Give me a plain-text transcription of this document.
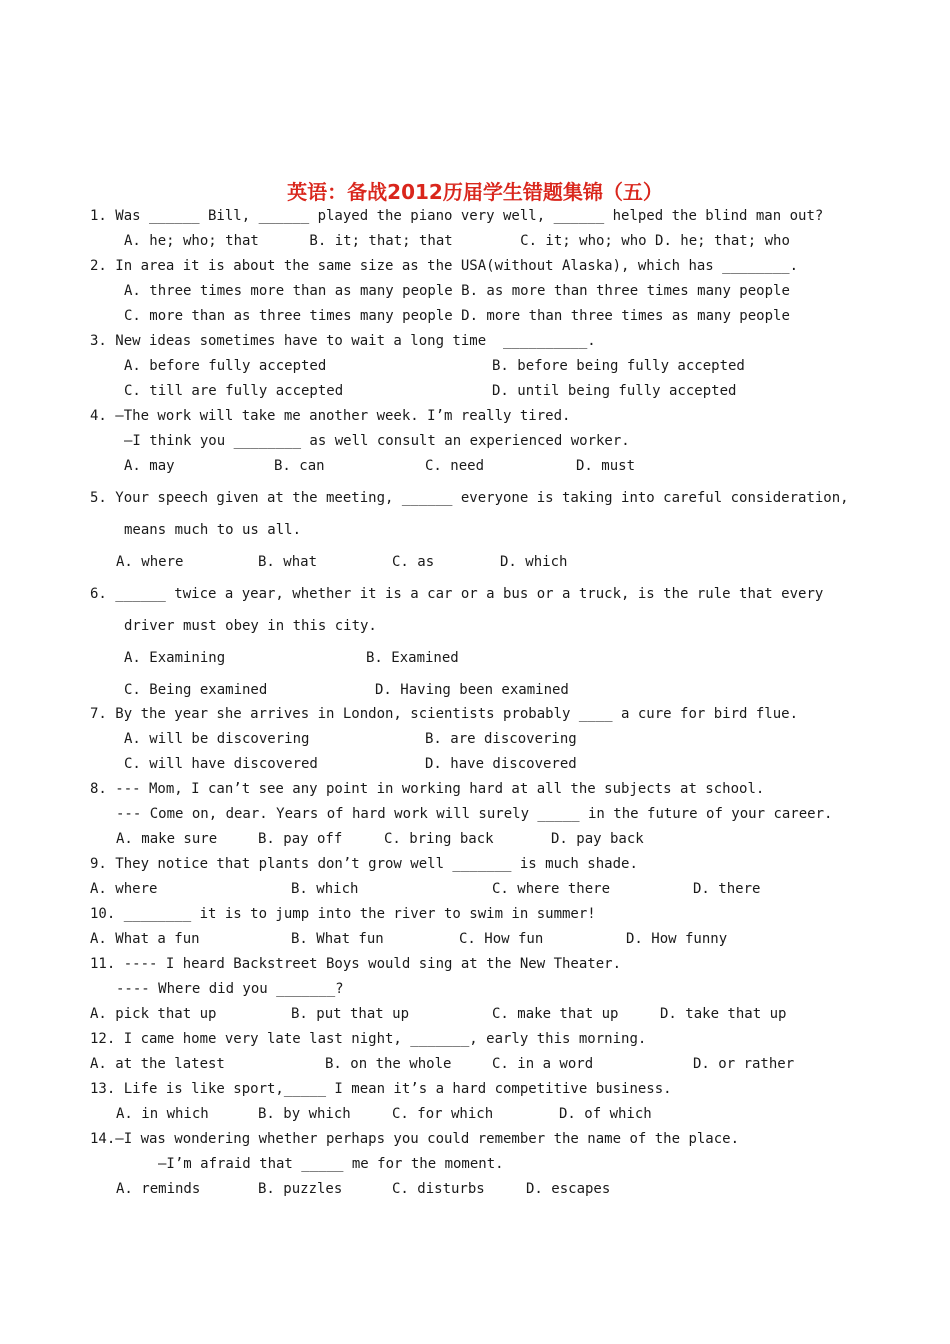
英语：备战2012历届学生错题集锦（五）
1. Was ______ Bill, ______ played the piano very well, ______ helped the blind man out?
A. he; who; that      B. it; that; that        C. it; who; who D. he; that; who
2. In area it is about the same size as the USA(without Alaska), which has ________.
A. three times more than as many people B. as more than three times many people
C. more than as three times many people D. more than three times as many people
3. New ideas sometimes have to wait a long time  __________.
A. before fully accepted	B. before being fully accepted
C. till are fully accepted	D. until being fully accepted
4. —The work will take me another week. I’m really tired.
—I think you ________ as well consult an experienced worker.
A. may	B. can	C. need	D. must
5. Your speech given at the meeting, ______ everyone is taking into careful consideration,
means much to us all.
A. where	B. what	C. as	D. which
6. ______ twice a year, whether it is a car or a bus or a truck, is the rule that every
driver must obey in this city.
A. Examining	B. Examined
C. Being examined	D. Having been examined
7. By the year she arrives in London, scientists probably ____ a cure for bird flue.
A. will be discovering	B. are discovering
C. will have discovered	D. have discovered
8. --- Mom, I can’t see any point in working hard at all the subjects at school.
--- Come on, dear. Years of hard work will surely _____ in the future of your career.
A. make sure	B. pay off	C. bring back	D. pay back
9. They notice that plants don’t grow well _______ is much shade.
A. where	B. which	C. where there	D. there
10. ________ it is to jump into the river to swim in summer!
A. What a fun	B. What fun	C. How fun	D. How funny
11. ---- I heard Backstreet Boys would sing at the New Theater.
---- Where did you _______?
A. pick that up	B. put that up	C. make that up	D. take that up
12. I came home very late last night, _______, early this morning.
A. at the latest	B. on the whole	C. in a word	D. or rather
13. Life is like sport,_____ I mean it’s a hard competitive business.
A. in which	B. by which	C. for which	D. of which
14.—I was wondering whether perhaps you could remember the name of the place.
—I’m afraid that _____ me for the moment.
A. reminds	B. puzzles	C. disturbs	D. escapes
